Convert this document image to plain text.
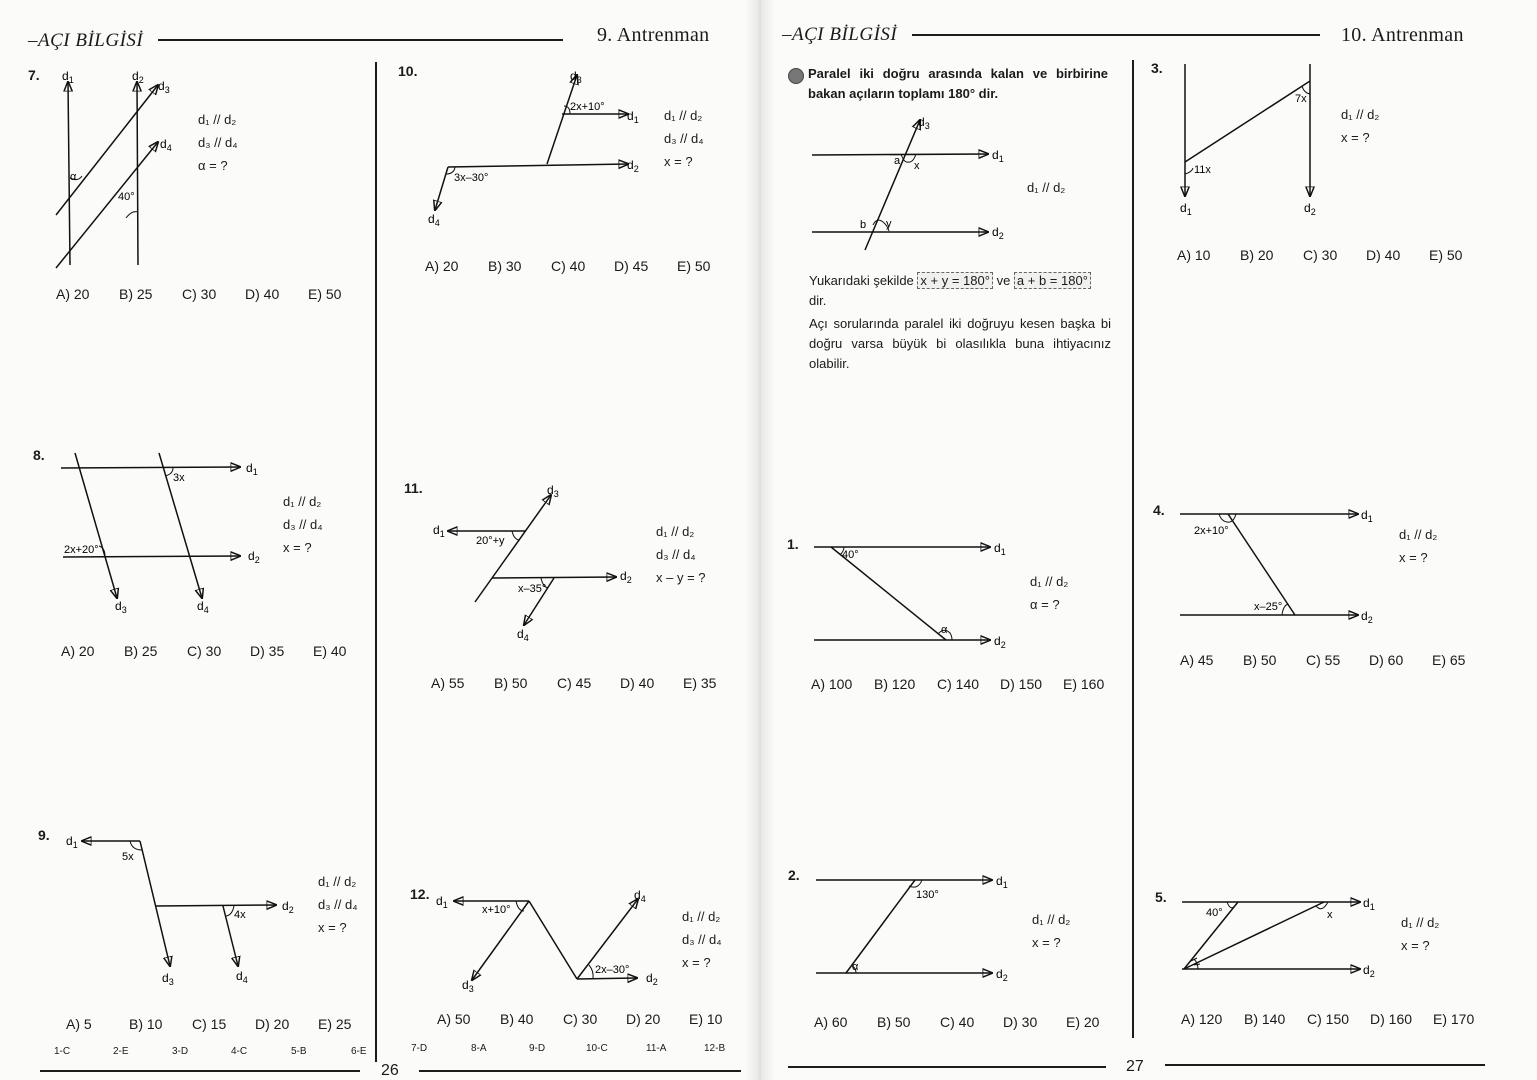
–AÇI BİLGİSİ	9. Antrenman
7.
α
40°
$d_1$	$d_2$ $d_3$
$d_4$
d₁ // d₂
d₃ // d₄
α = ?
A) 20	B) 25	C) 30	D) 40	E) 50
8.
3x
2x+20°
$d_1$
$d_2$
$d_3$	$d_4$
d₁ // d₂
d₃ // d₄
x = ?
A) 20	B) 25	C) 30	D) 35	E) 40
9.
5x
4x
$d_1$
$d_2$
$d_3$	$d_4$
d₁ // d₂
d₃ // d₄
x = ?
A) 5	B) 10	C) 15	D) 20	E) 25
1-C	2-E	3-D	4-C	5-B	6-E
10.
2x+10°
3x–30°
$d_3$
$d_1$
$d_2$
$d_4$
d₁ // d₂
d₃ // d₄
x = ?
A) 20	B) 30	C) 40	D) 45	E) 50
11.
20°+y
x–35°
$d_1$
$d_3$
$d_2$
$d_4$
d₁ // d₂
d₃ // d₄
x – y = ?
A) 55	B) 50	C) 45	D) 40	E) 35
12.
x+10°
2x–30°
$d_1$
$d_3$
$d_4$
$d_2$
d₁ // d₂
d₃ // d₄
x = ?
A) 50	B) 40	C) 30	D) 20	E) 10
7-D	8-A	9-D	10-C	11-A	12-B
26
–AÇI BİLGİSİ	10. Antrenman
Paralel iki doğru arasında kalan ve birbirine bakan açıların toplamı 180° dir.
a x
b y
$d_3$
$d_1$
$d_2$
d₁ // d₂
Yukarıdaki şekilde x + y = 180° ve a + b = 180°
dir.
Açı sorularında paralel iki doğruyu kesen başka bi doğru varsa büyük bi olasılıkla buna ihtiyacınız olabilir.
1.
40°
α
$d_1$
$d_2$
d₁ // d₂
α = ?
A) 100	B) 120	C) 140	D) 150	E) 160
2.
130°
α
$d_1$
$d_2$
d₁ // d₂
x = ?
A) 60	B) 50	C) 40	D) 30	E) 20
27
3.
7x
11x
$d_1$	$d_2$
d₁ // d₂
x = ?
A) 10	B) 20	C) 30	D) 40	E) 50
4.
2x+10°
x–25°
$d_1$
$d_2$
d₁ // d₂
x = ?
A) 45	B) 50	C) 55	D) 60	E) 65
5.
40°	x
$d_1$
$d_2$
d₁ // d₂
x = ?
A) 120	B) 140	C) 150	D) 160	E) 170
